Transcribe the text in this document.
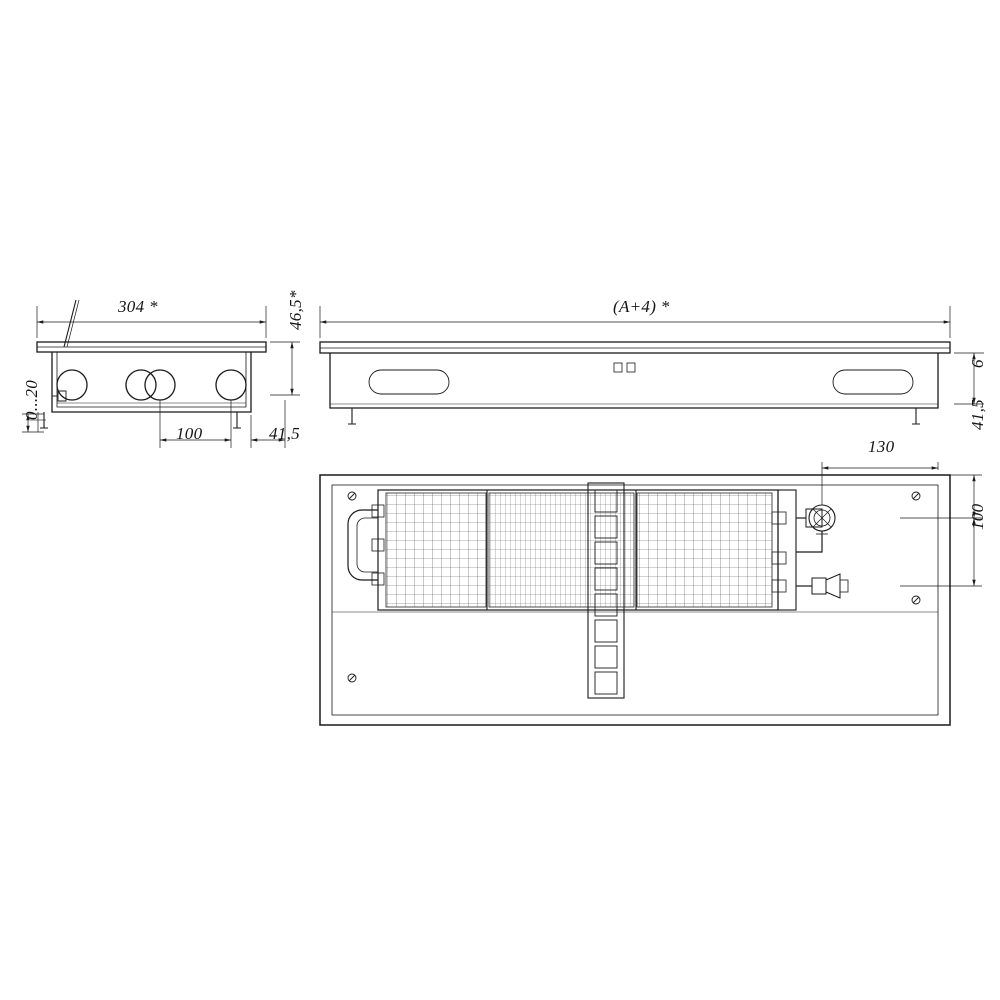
304 *	46,5*
100	41,5
0...20
(A+4) *
6
130
41,5
100
